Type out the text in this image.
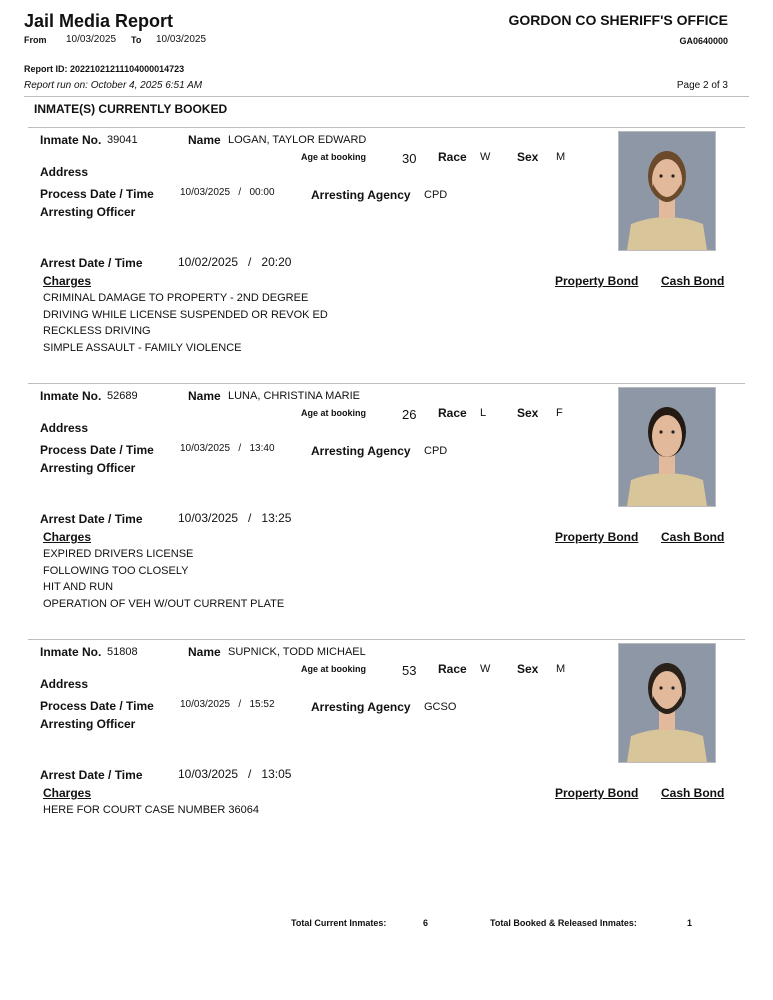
Jail Media Report
From 10/03/2025 To 10/03/2025
GORDON CO SHERIFF'S OFFICE
GA0640000
Report ID: 20221021211104000014723
Report run on: October 4, 2025 6:51 AM	Page 2 of 3
INMATE(S) CURRENTLY BOOKED
Inmate No. 39041	Name LOGAN, TAYLOR EDWARD
Age at booking	30 Race W Sex M
Address
Process Date / Time	10/03/2025   /   00:00	Arresting Agency CPD
Arresting Officer
Arrest Date / Time	10/02/2025   /   20:20
Charges	Property Bond Cash Bond
CRIMINAL DAMAGE TO PROPERTY - 2ND DEGREE
DRIVING WHILE LICENSE SUSPENDED OR REVOK ED
RECKLESS DRIVING
SIMPLE ASSAULT - FAMILY VIOLENCE
Inmate No. 52689	Name LUNA, CHRISTINA MARIE
Age at booking	26 Race L	Sex F
Address
Process Date / Time	10/03/2025   /   13:40	Arresting Agency CPD
Arresting Officer
Arrest Date / Time	10/03/2025   /   13:25
Charges	Property Bond Cash Bond
EXPIRED DRIVERS LICENSE
FOLLOWING TOO CLOSELY
HIT AND RUN
OPERATION OF VEH W/OUT CURRENT PLATE
Inmate No. 51808	Name SUPNICK, TODD MICHAEL
Age at booking	53 Race W Sex M
Address
Process Date / Time	10/03/2025   /   15:52	Arresting Agency GCSO
Arresting Officer
Arrest Date / Time	10/03/2025   /   13:05
Charges	Property Bond Cash Bond
HERE FOR COURT CASE NUMBER 36064
Total Current Inmates:	6	Total Booked & Released Inmates:	1
